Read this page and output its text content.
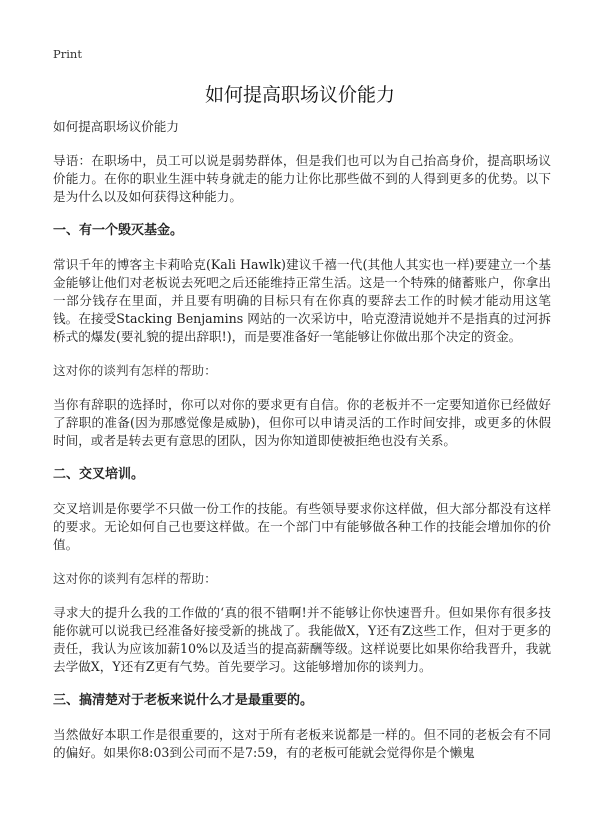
Print
如何提高职场议价能力

如何提高职场议价能力

导语：在职场中，员工可以说是弱势群体，但是我们也可以为自己抬高身价，提高职场议价能力。在你的职业生涯中转身就走的能力让你比那些做不到的人得到更多的优势。以下是为什么以及如何获得这种能力。

一、有一个毁灭基金。

常识千年的博客主卡莉哈克(Kali Hawlk)建议千禧一代(其他人其实也一样)要建立一个基金能够让他们对老板说去死吧之后还能维持正常生活。这是一个特殊的储蓄账户，你拿出一部分钱存在里面，并且要有明确的目标只有在你真的要辞去工作的时候才能动用这笔钱。在接受Stacking Benjamins 网站的一次采访中，哈克澄清说她并不是指真的过河拆桥式的爆发(要礼貌的提出辞职!)，而是要准备好一笔能够让你做出那个决定的资金。

这对你的谈判有怎样的帮助：

当你有辞职的选择时，你可以对你的要求更有自信。你的老板并不一定要知道你已经做好了辞职的准备(因为那感觉像是威胁)，但你可以申请灵活的工作时间安排，或更多的休假时间，或者是转去更有意思的团队，因为你知道即使被拒绝也没有关系。

二、交叉培训。

交叉培训是你要学不只做一份工作的技能。有些领导要求你这样做，但大部分都没有这样的要求。无论如何自己也要这样做。在一个部门中有能够做各种工作的技能会增加你的价值。

这对你的谈判有怎样的帮助：

寻求大的提升么我的工作做的‘真的很不错啊!并不能够让你快速晋升。但如果你有很多技能你就可以说我已经准备好接受新的挑战了。我能做X，Y还有Z这些工作，但对于更多的责任，我认为应该加薪10%以及适当的提高薪酬等级。这样说要比如果你给我晋升，我就去学做X，Y还有Z更有气势。首先要学习。这能够增加你的谈判力。

三、搞清楚对于老板来说什么才是最重要的。

当然做好本职工作是很重要的，这对于所有老板来说都是一样的。但不同的老板会有不同的偏好。如果你8:03到公司而不是7:59，有的老板可能就会觉得你是个懒鬼
